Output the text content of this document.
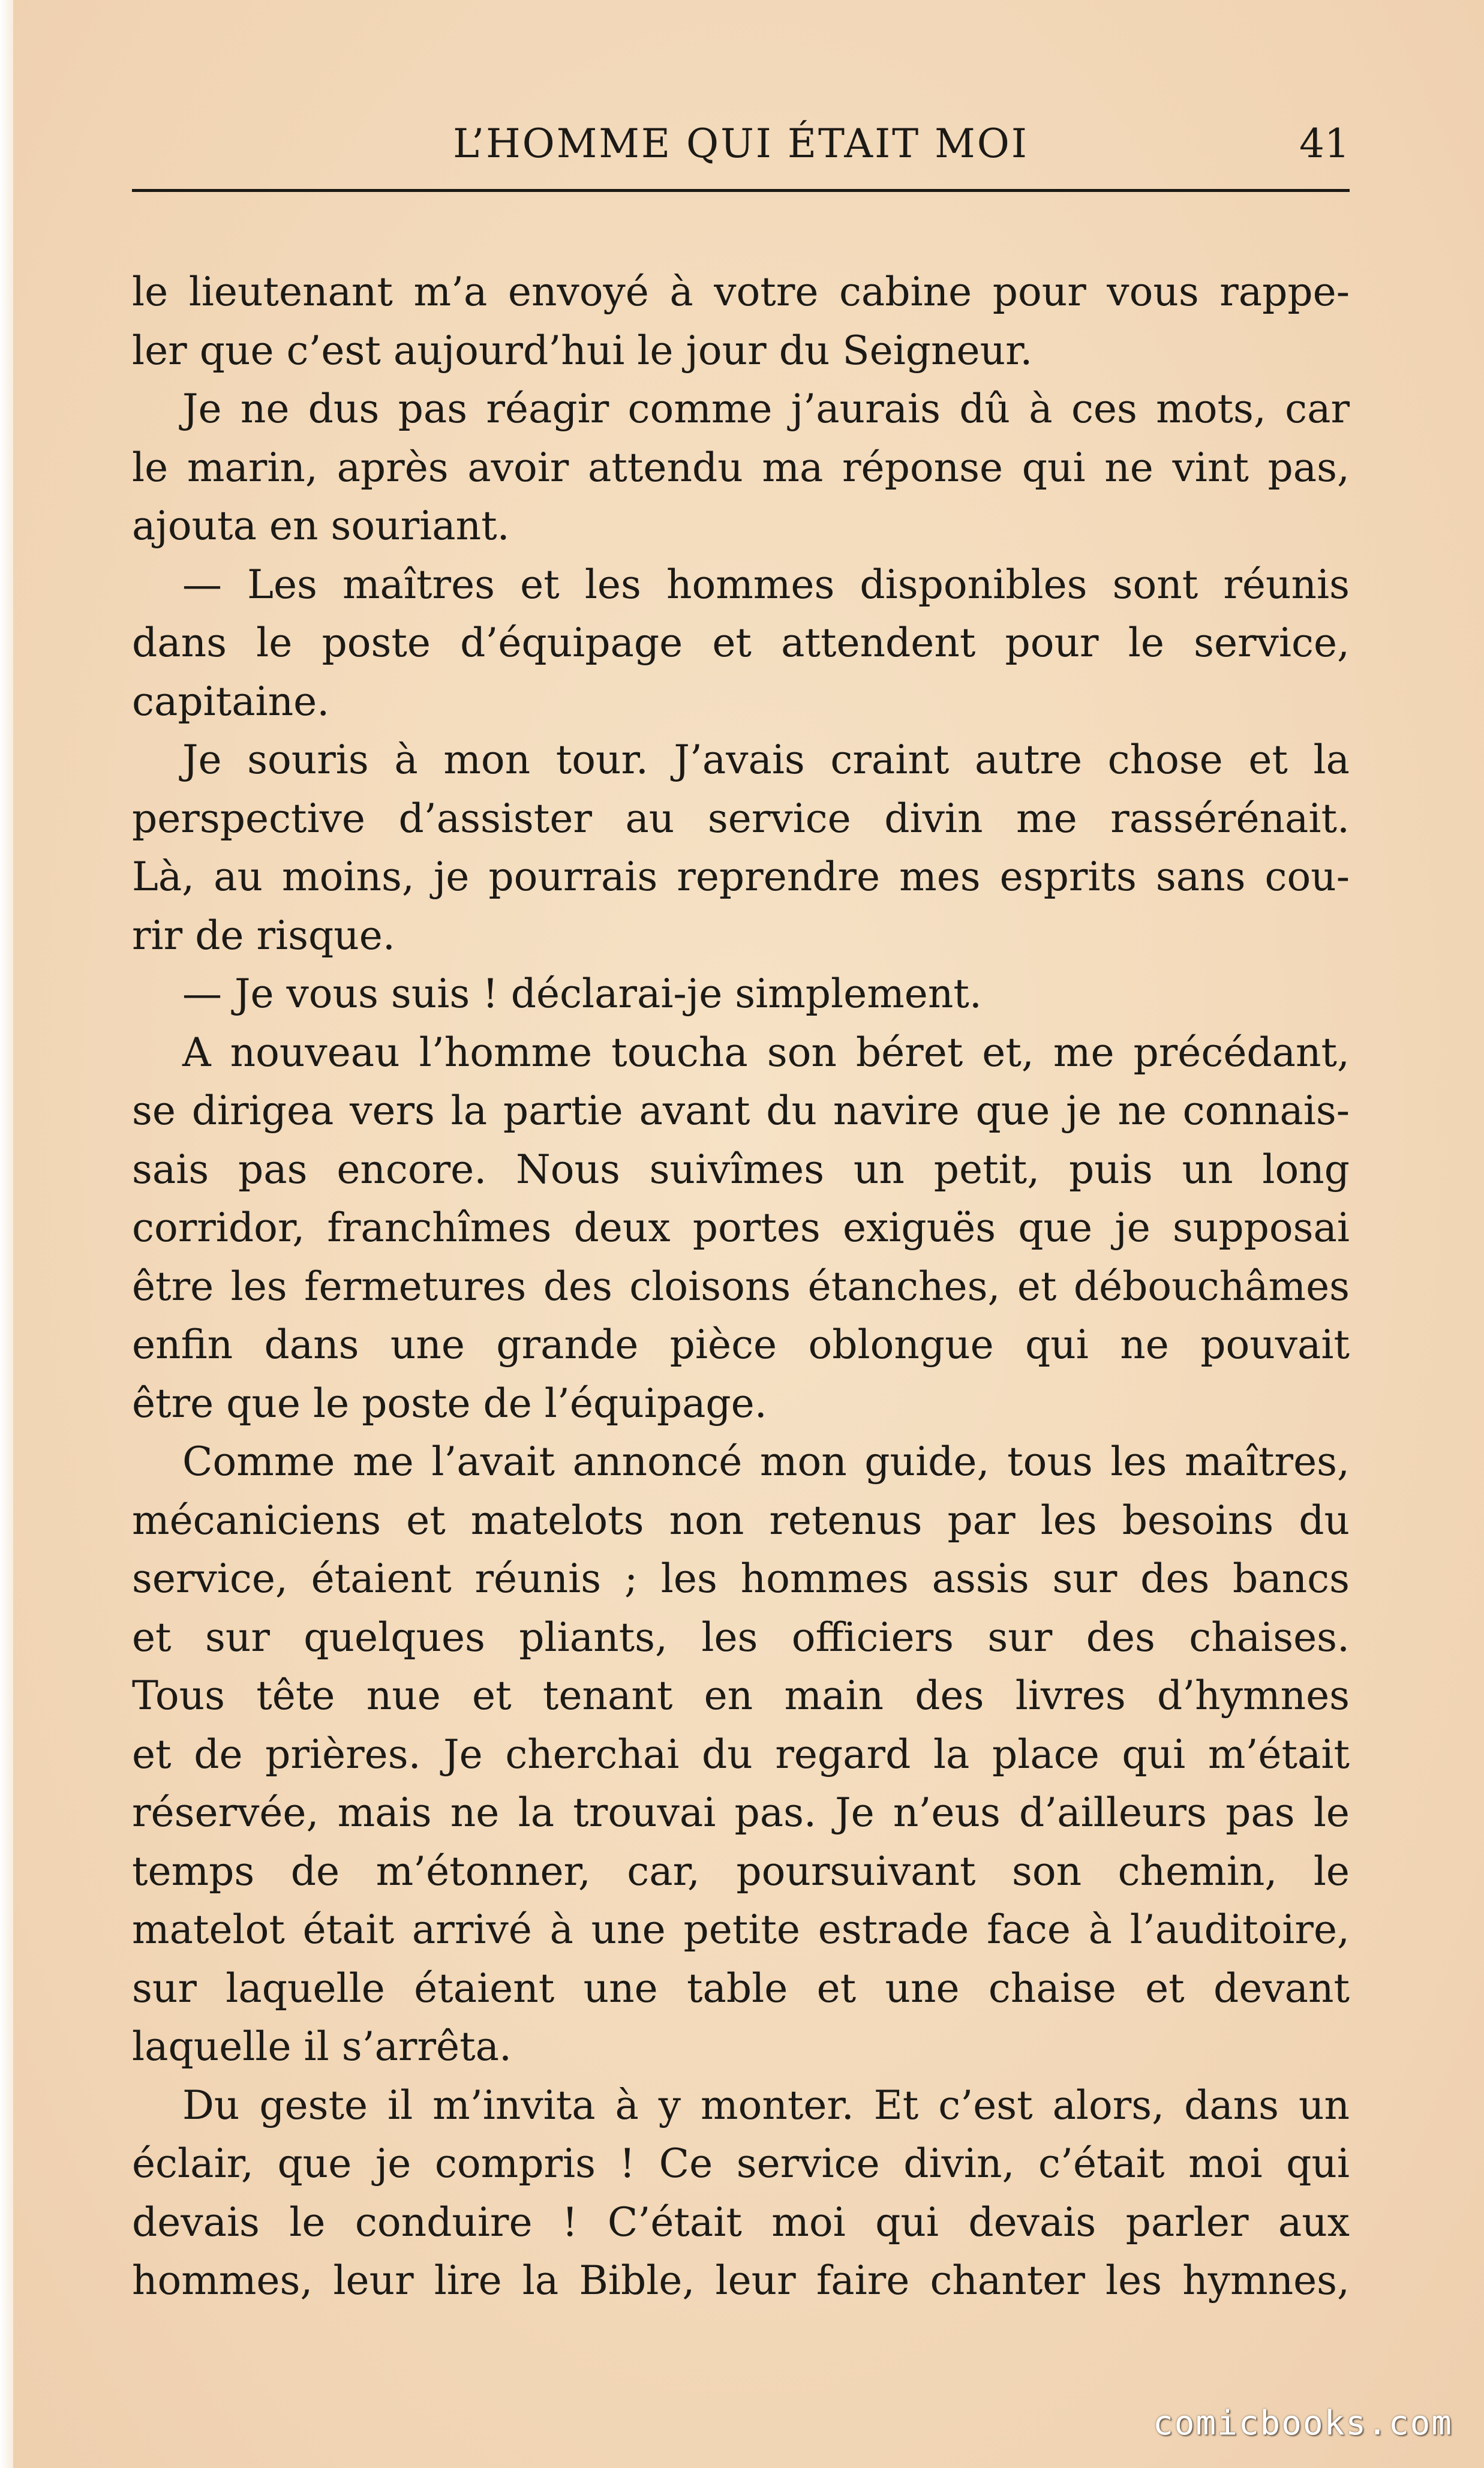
L’HOMME QUI ÉTAIT MOI	41
le lieutenant m’a envoyé à votre cabine pour vous rappe-
ler que c’est aujourd’hui le jour du Seigneur.
Je ne dus pas réagir comme j’aurais dû à ces mots, car
le marin, après avoir attendu ma réponse qui ne vint pas,
ajouta en souriant.
— Les maîtres et les hommes disponibles sont réunis
dans le poste d’équipage et attendent pour le service,
capitaine.
Je souris à mon tour. J’avais craint autre chose et la
perspective d’assister au service divin me rassérénait.
Là, au moins, je pourrais reprendre mes esprits sans cou-
rir de risque.
— Je vous suis ! déclarai-je simplement.
A nouveau l’homme toucha son béret et, me précédant,
se dirigea vers la partie avant du navire que je ne connais-
sais pas encore. Nous suivîmes un petit, puis un long
corridor, franchîmes deux portes exiguës que je supposai
être les fermetures des cloisons étanches, et débouchâmes
enfin dans une grande pièce oblongue qui ne pouvait
être que le poste de l’équipage.
Comme me l’avait annoncé mon guide, tous les maîtres,
mécaniciens et matelots non retenus par les besoins du
service, étaient réunis ; les hommes assis sur des bancs
et sur quelques pliants, les officiers sur des chaises.
Tous tête nue et tenant en main des livres d’hymnes
et de prières. Je cherchai du regard la place qui m’était
réservée, mais ne la trouvai pas. Je n’eus d’ailleurs pas le
temps de m’étonner, car, poursuivant son chemin, le
matelot était arrivé à une petite estrade face à l’auditoire,
sur laquelle étaient une table et une chaise et devant
laquelle il s’arrêta.
Du geste il m’invita à y monter. Et c’est alors, dans un
éclair, que je compris ! Ce service divin, c’était moi qui
devais le conduire ! C’était moi qui devais parler aux
hommes, leur lire la Bible, leur faire chanter les hymnes,
comicbooks.com
